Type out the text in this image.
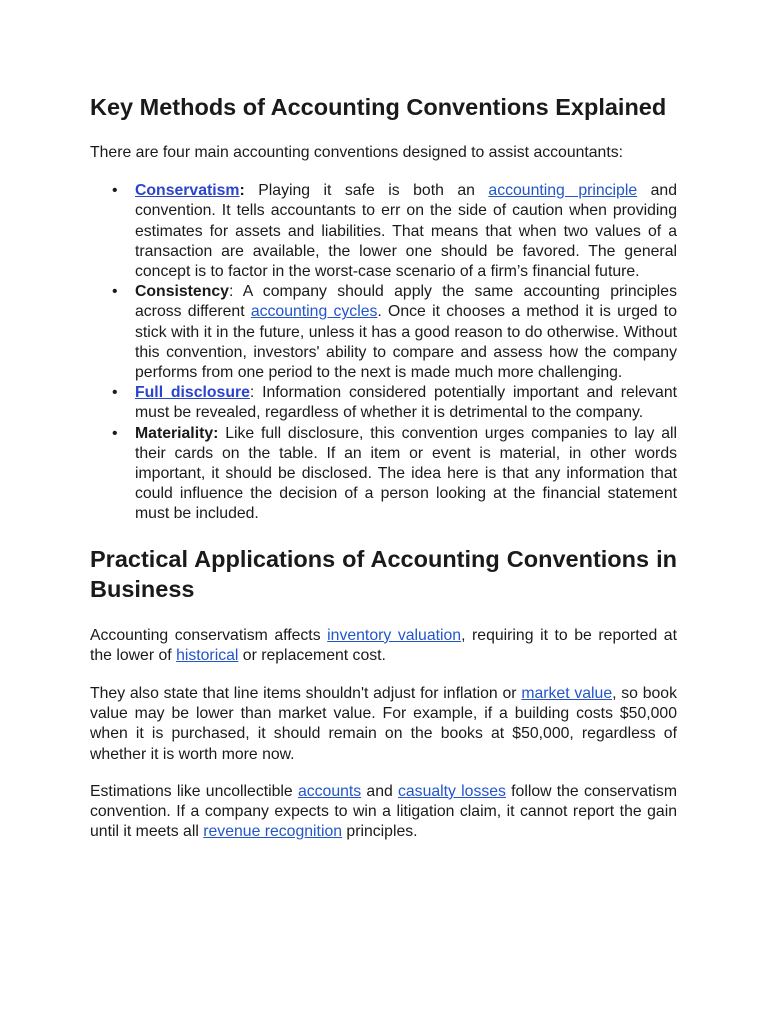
Key Methods of Accounting Conventions Explained

There are four main accounting conventions designed to assist accountants:

• Conservatism: Playing it safe is both an accounting principle and convention. It tells accountants to err on the side of caution when providing estimates for assets and liabilities. That means that when two values of a transaction are available, the lower one should be favored. The general concept is to factor in the worst-case scenario of a firm’s financial future.
• Consistency: A company should apply the same accounting principles across different accounting cycles. Once it chooses a method it is urged to stick with it in the future, unless it has a good reason to do otherwise. Without this convention, investors' ability to compare and assess how the company performs from one period to the next is made much more challenging.
• Full disclosure: Information considered potentially important and relevant must be revealed, regardless of whether it is detrimental to the company.
• Materiality: Like full disclosure, this convention urges companies to lay all their cards on the table. If an item or event is material, in other words important, it should be disclosed. The idea here is that any information that could influence the decision of a person looking at the financial statement must be included.
Practical Applications of Accounting Conventions in Business

Accounting conservatism affects inventory valuation, requiring it to be reported at the lower of historical or replacement cost.

They also state that line items shouldn't adjust for inflation or market value, so book value may be lower than market value. For example, if a building costs $50,000 when it is purchased, it should remain on the books at $50,000, regardless of whether it is worth more now.

Estimations like uncollectible accounts and casualty losses follow the conservatism convention. If a company expects to win a litigation claim, it cannot report the gain until it meets all revenue recognition principles.
